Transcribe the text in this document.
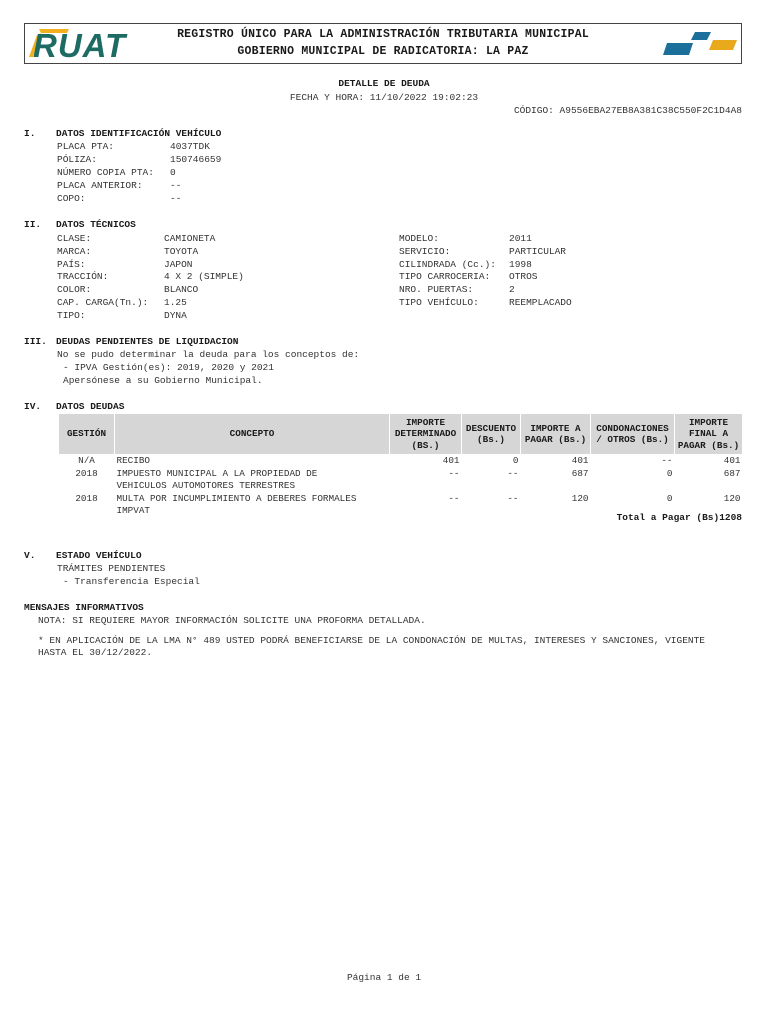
RUAT	REGISTRO ÚNICO PARA LA ADMINISTRACIÓN TRIBUTARIA MUNICIPAL
GOBIERNO MUNICIPAL DE RADICATORIA: LA PAZ
DETALLE DE DEUDA
FECHA Y HORA: 11/10/2022 19:02:23
CÓDIGO: A9556EBA27EB8A381C38C550F2C1D4A8
I. DATOS IDENTIFICACIÓN VEHÍCULO
PLACA PTA:	4037TDK
PÓLIZA:	150746659
NÚMERO COPIA PTA: 0
PLACA ANTERIOR:	--
COPO:	--
II. DATOS TÉCNICOS
CLASE:	CAMIONETA
MARCA:	TOYOTA
PAÍS:	JAPON
TRACCIÓN:	4 X 2 (SIMPLE)
COLOR:	BLANCO
CAP. CARGA(Tn.): 1.25
TIPO:	DYNA
MODELO:	2011
SERVICIO:	PARTICULAR
CILINDRADA (Cc.): 1998
TIPO CARROCERIA: OTROS
NRO. PUERTAS:	2
TIPO VEHÍCULO:	REEMPLACADO
III. DEUDAS PENDIENTES DE LIQUIDACION
No se pudo determinar la deuda para los conceptos de:
- IPVA Gestión(es): 2019, 2020 y 2021
Apersónese a su Gobierno Municipal.
IV. DATOS DEUDAS
GESTIÓN	CONCEPTO	IMPORTE DETERMINADO (BS.)	DESCUENTO (Bs.)	IMPORTE A PAGAR (Bs.)	CONDONACIONES / OTROS (Bs.)	IMPORTE FINAL A PAGAR (Bs.)
N/A	RECIBO	401	0	401	--	401
2018	IMPUESTO MUNICIPAL A LA PROPIEDAD DE VEHICULOS AUTOMOTORES TERRESTRES	--	--	687	0	687
2018	MULTA POR INCUMPLIMIENTO A DEBERES FORMALES IMPVAT	--	--	120	0	120
Total a Pagar (Bs)1208
V. ESTADO VEHÍCULO
TRÁMITES PENDIENTES
- Transferencia Especial
MENSAJES INFORMATIVOS
NOTA: SI REQUIERE MAYOR INFORMACIÓN SOLICITE UNA PROFORMA DETALLADA.
* EN APLICACIÓN DE LA LMA N° 489 USTED PODRÁ BENEFICIARSE DE LA CONDONACIÓN DE MULTAS, INTERESES Y SANCIONES, VIGENTE
HASTA EL 30/12/2022.
Página 1 de 1
